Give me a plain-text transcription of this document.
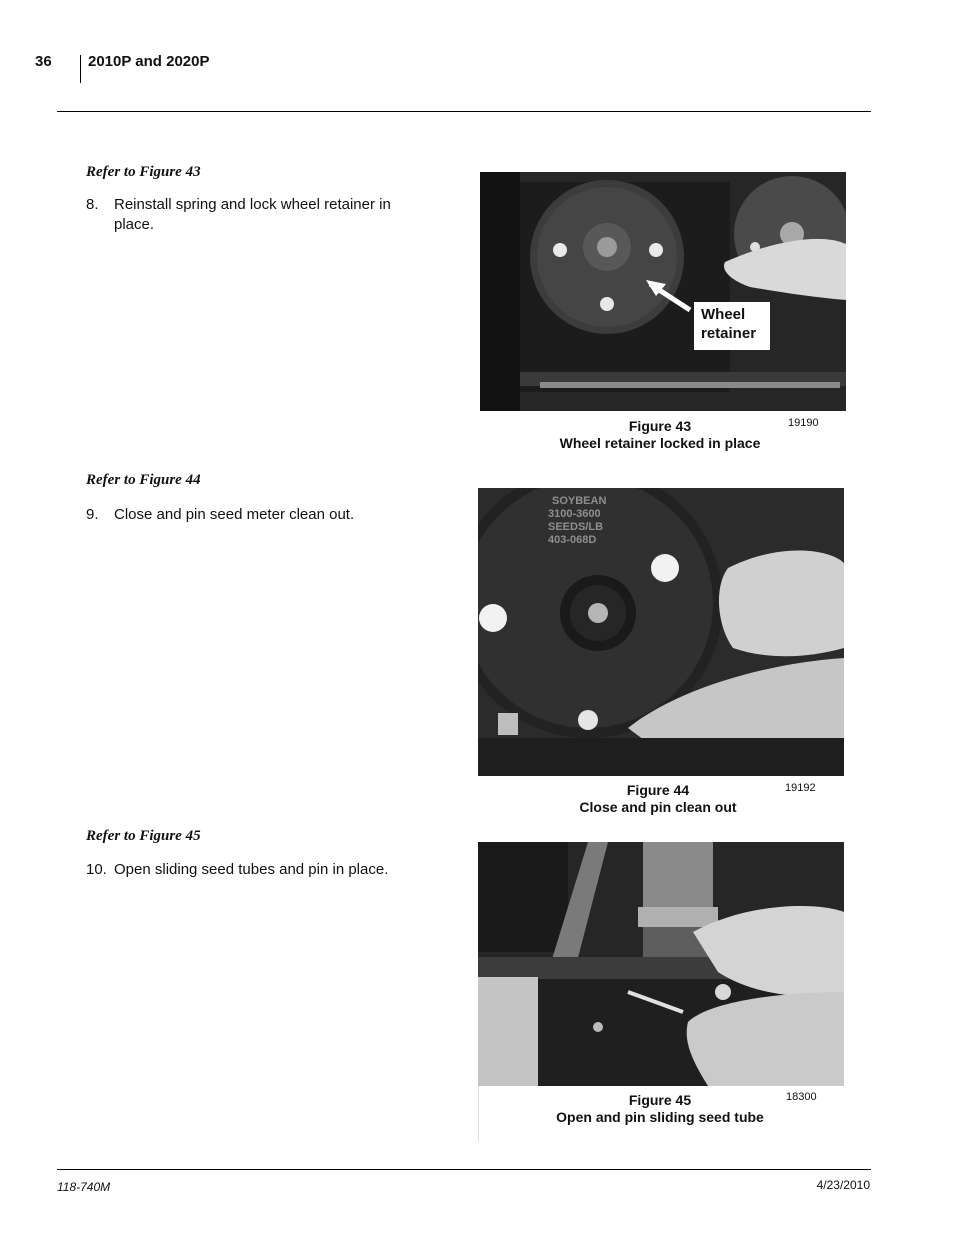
36 2010P and 2020P
Refer to Figure 43
8. Reinstall spring and lock wheel retainer in place.
Wheel
retainer
Figure 43
Wheel retainer locked in place
19190
Refer to Figure 44
9. Close and pin seed meter clean out.
SOYBEAN
3100-3600
SEEDS/LB
403-068D
Figure 44
Close and pin clean out
19192
Refer to Figure 45
10. Open sliding seed tubes and pin in place.
Figure 45
Open and pin sliding seed tube
18300
118-740M	4/23/2010
